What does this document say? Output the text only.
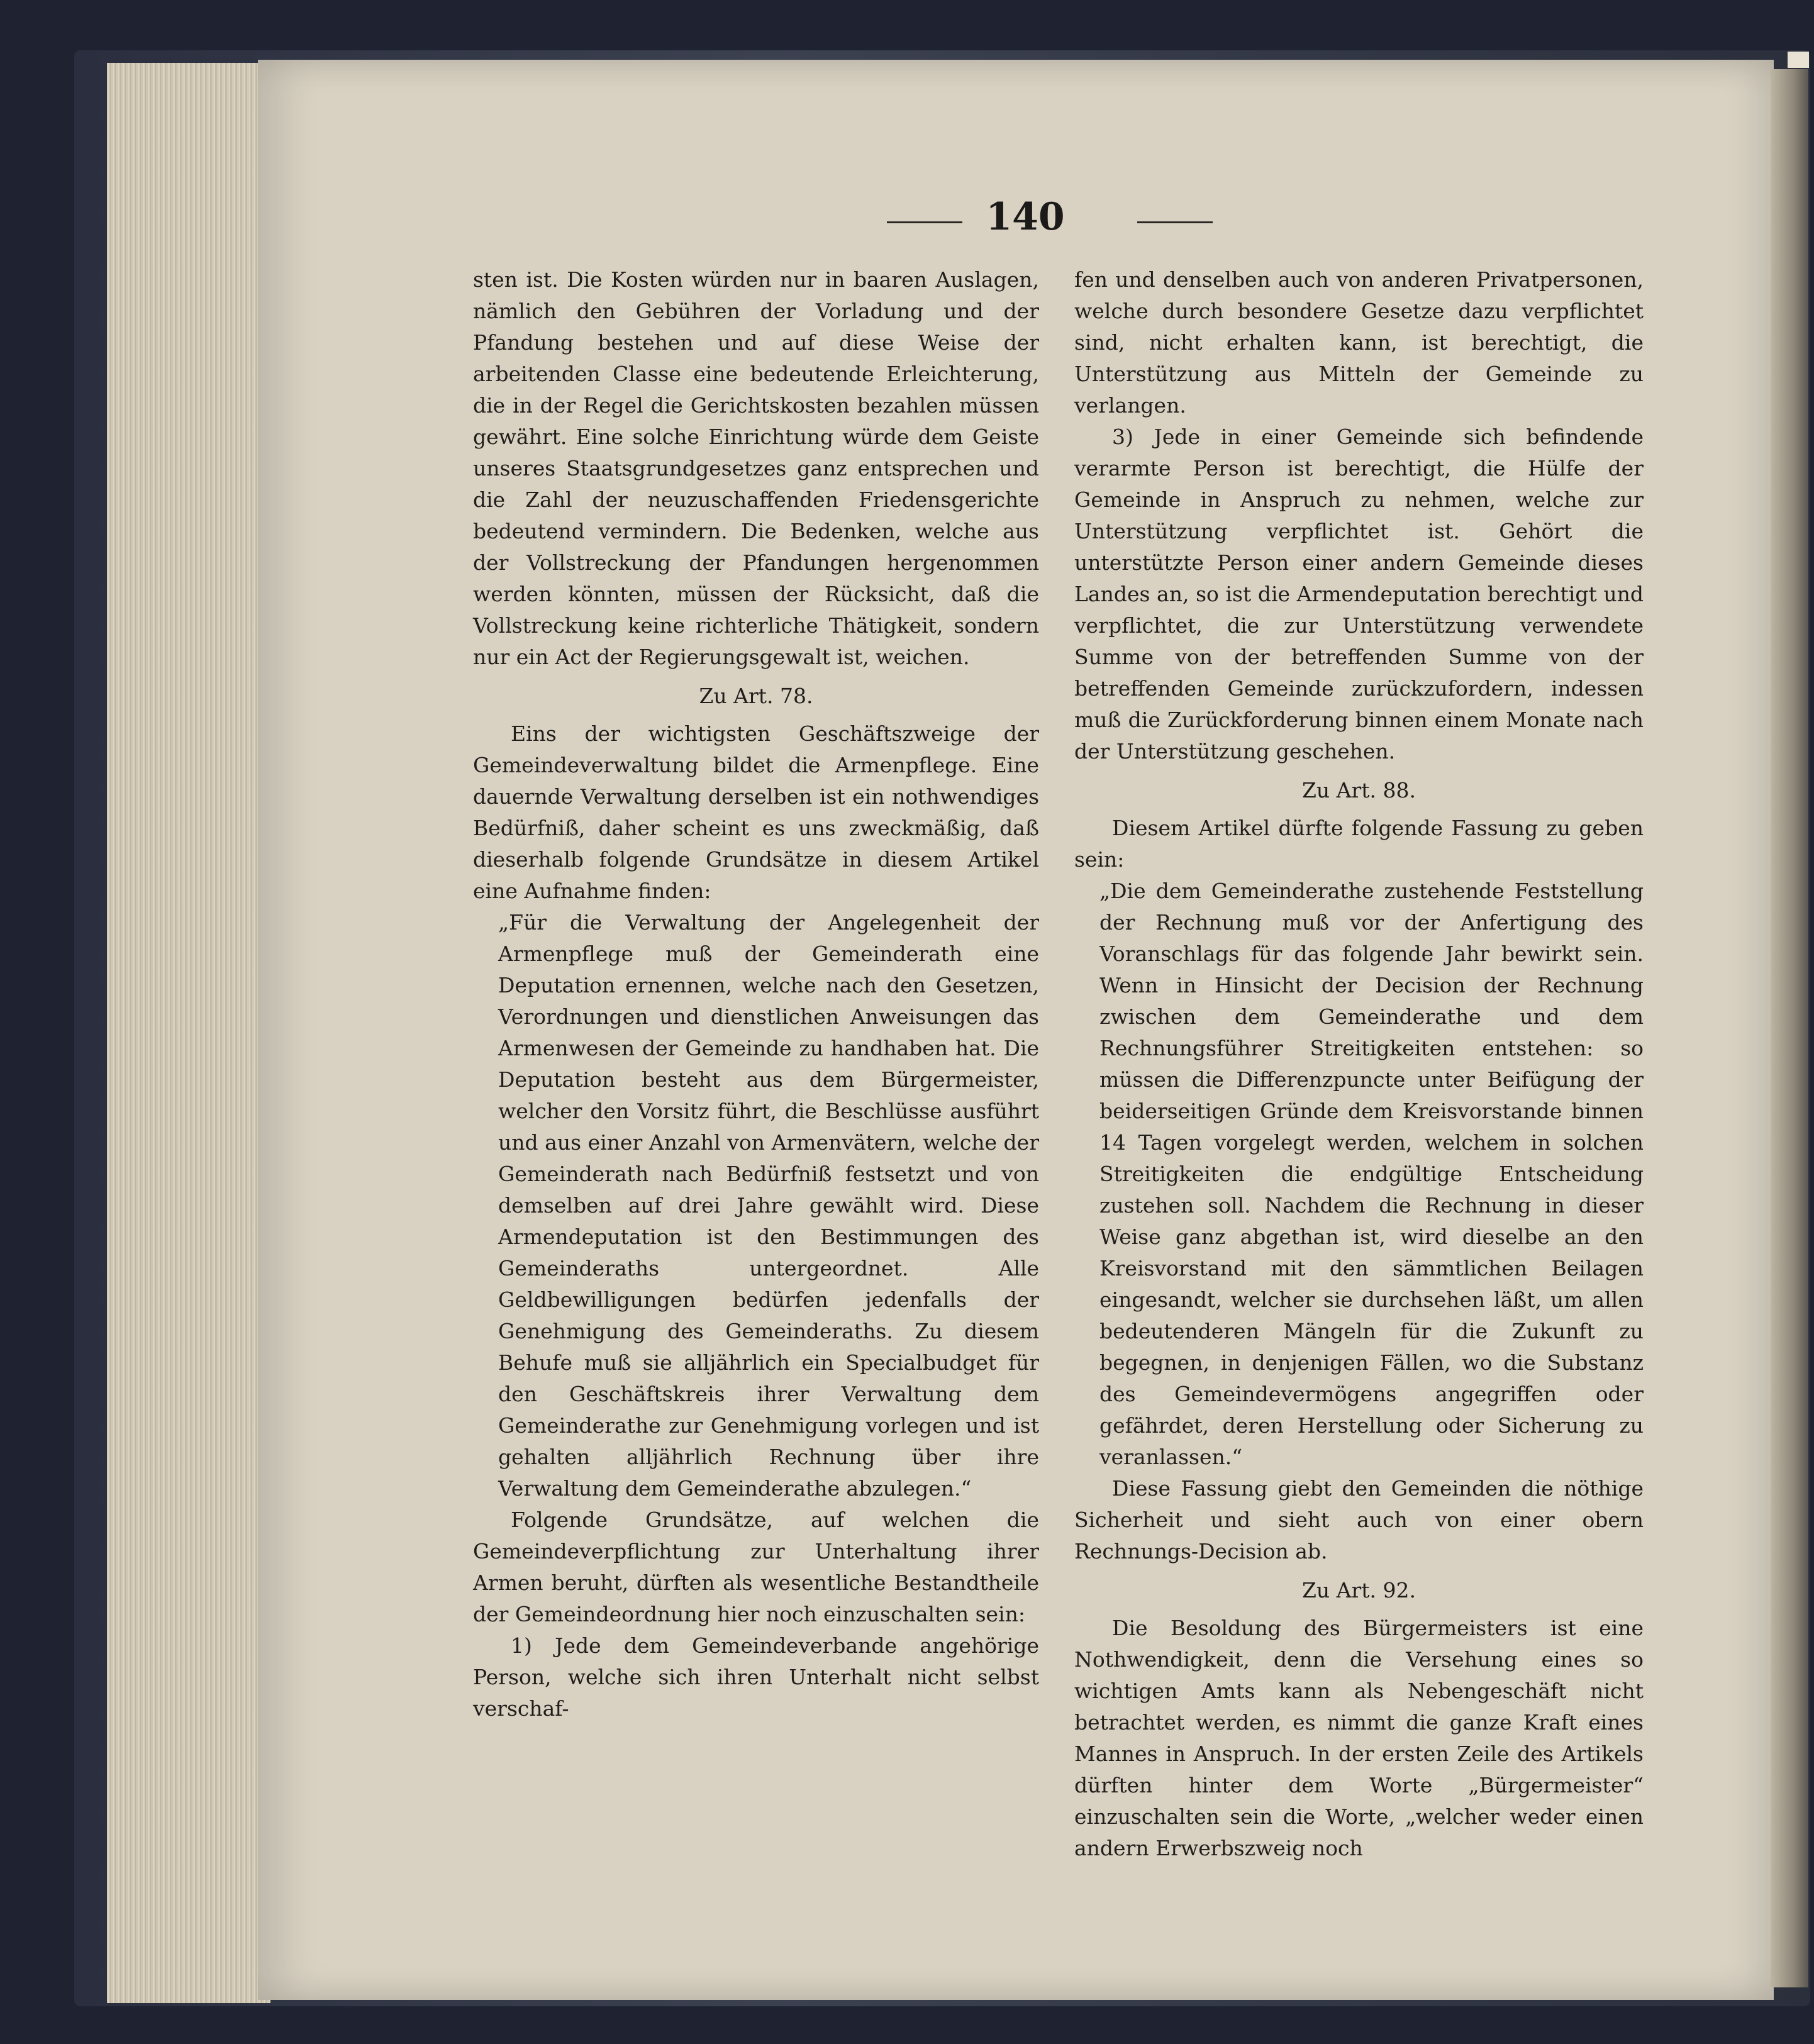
140

sten ist. Die Kosten würden nur in baaren Auslagen, nämlich den Gebühren der Vorladung und der Pfandung bestehen und auf diese Weise der arbeitenden Classe eine bedeutende Erleichterung, die in der Regel die Gerichtskosten bezahlen müssen gewährt. Eine solche Einrichtung würde dem Geiste unseres Staatsgrundgesetzes ganz entsprechen und die Zahl der neuzuschaffenden Friedensgerichte bedeutend vermindern. Die Bedenken, welche aus der Vollstreckung der Pfandungen hergenommen werden könnten, müssen der Rücksicht, daß die Vollstreckung keine richterliche Thätigkeit, sondern nur ein Act der Regierungsgewalt ist, weichen.

Zu Art. 78.

Eins der wichtigsten Geschäftszweige der Gemeindeverwaltung bildet die Armenpflege. Eine dauernde Verwaltung derselben ist ein nothwendiges Bedürfniß, daher scheint es uns zweckmäßig, daß dieserhalb folgende Grundsätze in diesem Artikel eine Aufnahme finden:

„Für die Verwaltung der Angelegenheit der Armenpflege muß der Gemeinderath eine Deputation ernennen, welche nach den Gesetzen, Verordnungen und dienstlichen Anweisungen das Armenwesen der Gemeinde zu handhaben hat. Die Deputation besteht aus dem Bürgermeister, welcher den Vorsitz führt, die Beschlüsse ausführt und aus einer Anzahl von Armenvätern, welche der Gemeinderath nach Bedürfniß festsetzt und von demselben auf drei Jahre gewählt wird. Diese Armendeputation ist den Bestimmungen des Gemeinderaths untergeordnet. Alle Geldbewilligungen bedürfen jedenfalls der Genehmigung des Gemeinderaths. Zu diesem Behufe muß sie alljährlich ein Specialbudget für den Geschäftskreis ihrer Verwaltung dem Gemeinderathe zur Genehmigung vorlegen und ist gehalten alljährlich Rechnung über ihre Verwaltung dem Gemeinderathe abzulegen.“

Folgende Grundsätze, auf welchen die Gemeindeverpflichtung zur Unterhaltung ihrer Armen beruht, dürften als wesentliche Bestandtheile der Gemeindeordnung hier noch einzuschalten sein:

1) Jede dem Gemeindeverbande angehörige Person, welche sich ihren Unterhalt nicht selbst verschaf-

fen und denselben auch von anderen Privatpersonen, welche durch besondere Gesetze dazu verpflichtet sind, nicht erhalten kann, ist berechtigt, die Unterstützung aus Mitteln der Gemeinde zu verlangen.

3) Jede in einer Gemeinde sich befindende verarmte Person ist berechtigt, die Hülfe der Gemeinde in Anspruch zu nehmen, welche zur Unterstützung verpflichtet ist. Gehört die unterstützte Person einer andern Gemeinde dieses Landes an, so ist die Armendeputation berechtigt und verpflichtet, die zur Unterstützung verwendete Summe von der betreffenden Summe von der betreffenden Gemeinde zurückzufordern, indessen muß die Zurückforderung binnen einem Monate nach der Unterstützung geschehen.

Zu Art. 88.

Diesem Artikel dürfte folgende Fassung zu geben sein:

„Die dem Gemeinderathe zustehende Feststellung der Rechnung muß vor der Anfertigung des Voranschlags für das folgende Jahr bewirkt sein. Wenn in Hinsicht der Decision der Rechnung zwischen dem Gemeinderathe und dem Rechnungsführer Streitigkeiten entstehen: so müssen die Differenzpuncte unter Beifügung der beiderseitigen Gründe dem Kreisvorstande binnen 14 Tagen vorgelegt werden, welchem in solchen Streitigkeiten die endgültige Entscheidung zustehen soll. Nachdem die Rechnung in dieser Weise ganz abgethan ist, wird dieselbe an den Kreisvorstand mit den sämmtlichen Beilagen eingesandt, welcher sie durchsehen läßt, um allen bedeutenderen Mängeln für die Zukunft zu begegnen, in denjenigen Fällen, wo die Substanz des Gemeindevermögens angegriffen oder gefährdet, deren Herstellung oder Sicherung zu veranlassen.“

Diese Fassung giebt den Gemeinden die nöthige Sicherheit und sieht auch von einer obern Rechnungs-Decision ab.

Zu Art. 92.

Die Besoldung des Bürgermeisters ist eine Nothwendigkeit, denn die Versehung eines so wichtigen Amts kann als Nebengeschäft nicht betrachtet werden, es nimmt die ganze Kraft eines Mannes in Anspruch. In der ersten Zeile des Artikels dürften hinter dem Worte „Bürgermeister“ einzuschalten sein die Worte, „welcher weder einen andern Erwerbszweig noch
